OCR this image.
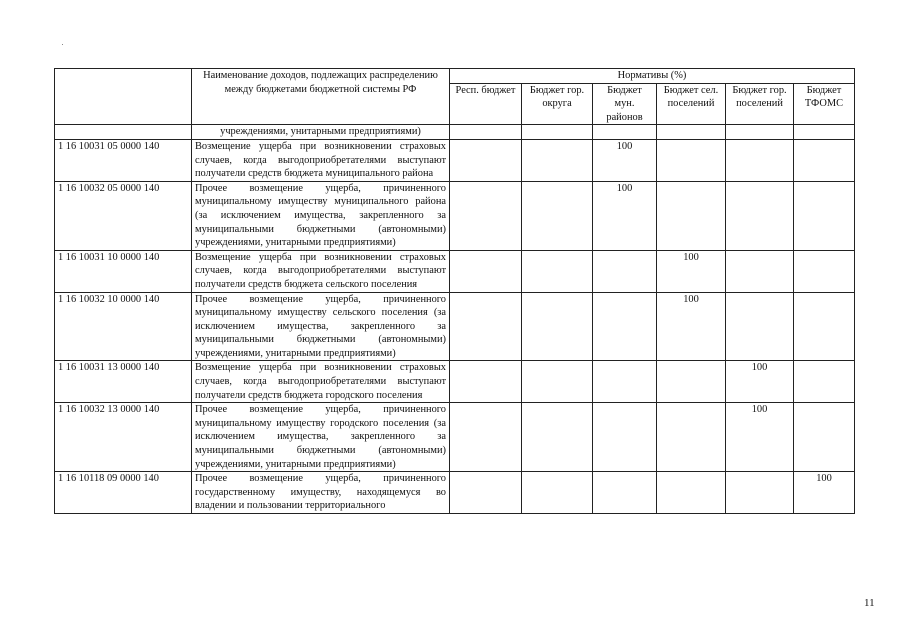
	Наименование доходов, подлежащих распределению между бюджетами бюджетной системы РФ	Нормативы (%)					
		Респ. бюджет	Бюджет гор. округа	Бюджет мун. районов	Бюджет сел. поселений	Бюджет гор. поселений	Бюджет ТФОМС
	учреждениями, унитарными предприятиями)						
1 16 10031 05 0000 140	Возмещение ущерба при возникновении страховых случаев, когда выгодоприобретателями выступают получатели средств бюджета муниципального района			100			
1 16 10032 05 0000 140	Прочее возмещение ущерба, причиненного муниципальному имуществу муниципального района (за исключением имущества, закрепленного за муниципальными бюджетными (автономными) учреждениями, унитарными предприятиями)			100			
1 16 10031 10 0000 140	Возмещение ущерба при возникновении страховых случаев, когда выгодоприобретателями выступают получатели средств бюджета сельского поселения				100		
1 16 10032 10 0000 140	Прочее возмещение ущерба, причиненного муниципальному имуществу сельского поселения (за исключением имущества, закрепленного за муниципальными бюджетными (автономными) учреждениями, унитарными предприятиями)				100		
1 16 10031 13 0000 140	Возмещение ущерба при возникновении страховых случаев, когда выгодоприобретателями выступают получатели средств бюджета городского поселения					100	
1 16 10032 13 0000 140	Прочее возмещение ущерба, причиненного муниципальному имуществу городского поселения (за исключением имущества, закрепленного за муниципальными бюджетными (автономными) учреждениями, унитарными предприятиями)					100	
1 16 10118 09 0000 140	Прочее возмещение ущерба, причиненного государственному имуществу, находящемуся во владении и пользовании территориального						100
11
